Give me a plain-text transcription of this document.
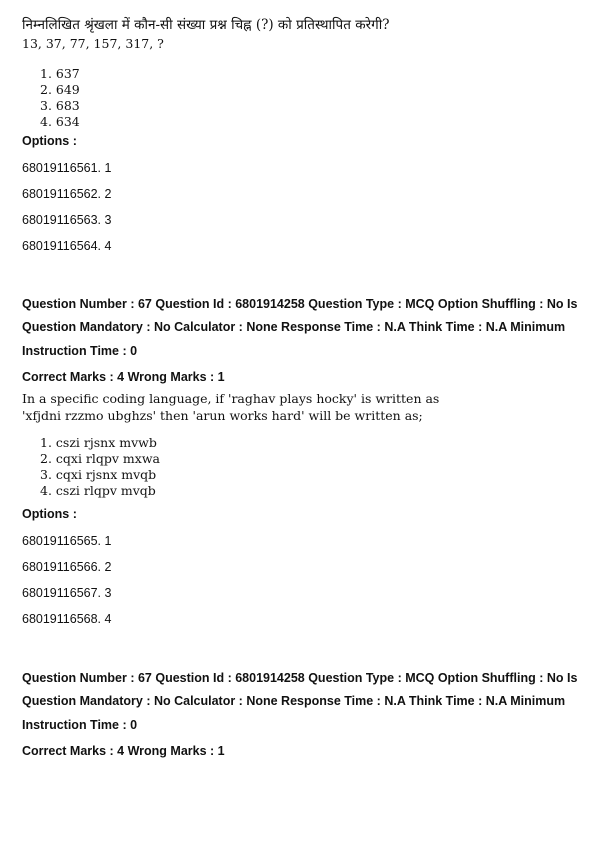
निम्नलिखित श्रृंखला में कौन-सी संख्या प्रश्न चिह्न (?) को प्रतिस्थापित करेगी?
13, 37, 77, 157, 317, ?
1. 637
2. 649
3. 683
4. 634
Options :
68019116561. 1
68019116562. 2
68019116563. 3
68019116564. 4
Question Number : 67 Question Id : 6801914258 Question Type : MCQ Option Shuffling : No Is
Question Mandatory : No Calculator : None Response Time : N.A Think Time : N.A Minimum
Instruction Time : 0
Correct Marks : 4 Wrong Marks : 1
In a specific coding language, if 'raghav plays hocky' is written as 'xfjdni rzzmo ubghzs' then 'arun works hard' will be written as;
1. cszi rjsnx mvwb
2. cqxi rlqpv mxwa
3. cqxi rjsnx mvqb
4. cszi rlqpv mvqb
Options :
68019116565. 1
68019116566. 2
68019116567. 3
68019116568. 4
Question Number : 67 Question Id : 6801914258 Question Type : MCQ Option Shuffling : No Is
Question Mandatory : No Calculator : None Response Time : N.A Think Time : N.A Minimum
Instruction Time : 0
Correct Marks : 4 Wrong Marks : 1
